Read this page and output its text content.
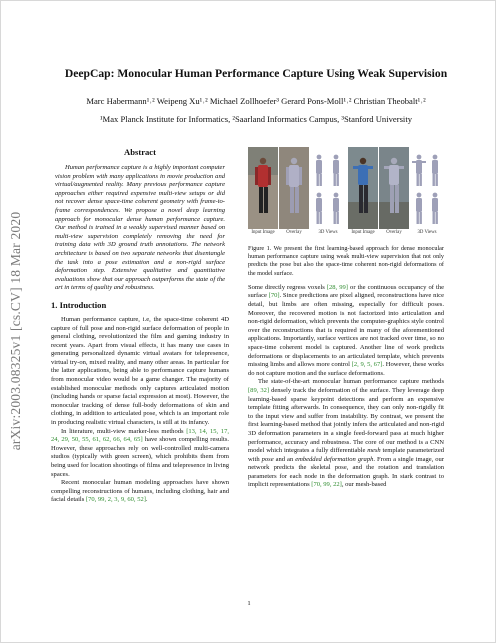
arXiv:2003.08325v1 [cs.CV] 18 Mar 2020
DeepCap: Monocular Human Performance Capture Using Weak Supervision
Marc Habermann¹˒² Weipeng Xu¹˒² Michael Zollhoefer³ Gerard Pons-Moll¹˒² Christian Theobalt¹˒²
¹Max Planck Institute for Informatics, ²Saarland Informatics Campus, ³Stanford University
Abstract

Human performance capture is a highly important computer vision problem with many applications in movie production and virtual/augmented reality. Many previous performance capture approaches either required expensive multi-view setups or did not recover dense space-time coherent geometry with frame-to-frame correspondences. We propose a novel deep learning approach for monocular dense human performance capture. Our method is trained in a weakly supervised manner based on multi-view supervision completely removing the need for training data with 3D ground truth annotations. The network architecture is based on two separate networks that disentangle the task into a pose estimation and a non-rigid surface deformation step. Extensive qualitative and quantitative evaluations show that our approach outperforms the state of the art in terms of quality and robustness.

1. Introduction

Human performance capture, i.e, the space-time coherent 4D capture of full pose and non-rigid surface deformation of people in general clothing, revolutionized the film and gaming industry in recent years. Apart from visual effects, it has many use cases in generating personalized dynamic virtual avatars for telepresence, virtual try-on, mixed reality, and many other areas. In particular for the latter applications, being able to performance capture humans from monocular video would be a game changer. The majority of established monocular methods only captures articulated motion (including hands or sparse facial expression at most). However, the monocular tracking of dense full-body deformations of skin and clothing, in addition to articulated pose, which is an important role in producing realistic virtual characters, is still at its infancy.

In literature, multi-view marker-less methods [13, 14, 15, 17, 24, 29, 50, 55, 61, 62, 66, 64, 65] have shown compelling results. However, these approaches rely on well-controlled multi-camera studios (typically with green screen), which prohibits them from being used for location shootings of films and telepresence in living spaces.

Recent monocular human modeling approaches have shown compelling reconstructions of humans, including clothing, hair and facial details [70, 99, 2, 3, 9, 60, 52].

Input Image	Overlay	3D Views	Input Image	Overlay	3D Views

Figure 1. We present the first learning-based approach for dense monocular human performance capture using weak multi-view supervision that not only predicts the pose but also the space-time coherent non-rigid deformations of the model surface.

Some directly regress voxels [28, 99] or the continuous occupancy of the surface [70]. Since predictions are pixel aligned, reconstructions have nice detail, but limbs are often missing, especially for difficult poses. Moreover, the recovered motion is not factorized into articulation and non-rigid deformation, which prevents the computer-graphics style control over the reconstructions that is required in many of the aforementioned applications. Importantly, surface vertices are not tracked over time, so no space-time coherent model is captured. Another line of work predicts deformations or displacements to an articulated template, which prevents missing limbs and allows more control [2, 9, 5, 67]. However, these works do not capture motion and the surface deformations.

The state-of-the-art monocular human performance capture methods [89, 32] densely track the deformation of the surface. They leverage deep learning-based sparse keypoint detections and perform an expensive template fitting afterwards. In consequence, they can only non-rigidly fit to the input view and suffer from instability. By contrast, we present the first learning-based method that jointly infers the articulated and non-rigid 3D deformation parameters in a single feed-forward pass at much higher performance, accuracy and robustness. The core of our method is a CNN model which integrates a fully differentiable mesh template parameterized with pose and an embedded deformation graph. From a single image, our network predicts the skeletal pose, and the rotation and translation parameters for each node in the deformation graph. In stark contrast to implicit representations [70, 99, 22], our mesh-based

1
